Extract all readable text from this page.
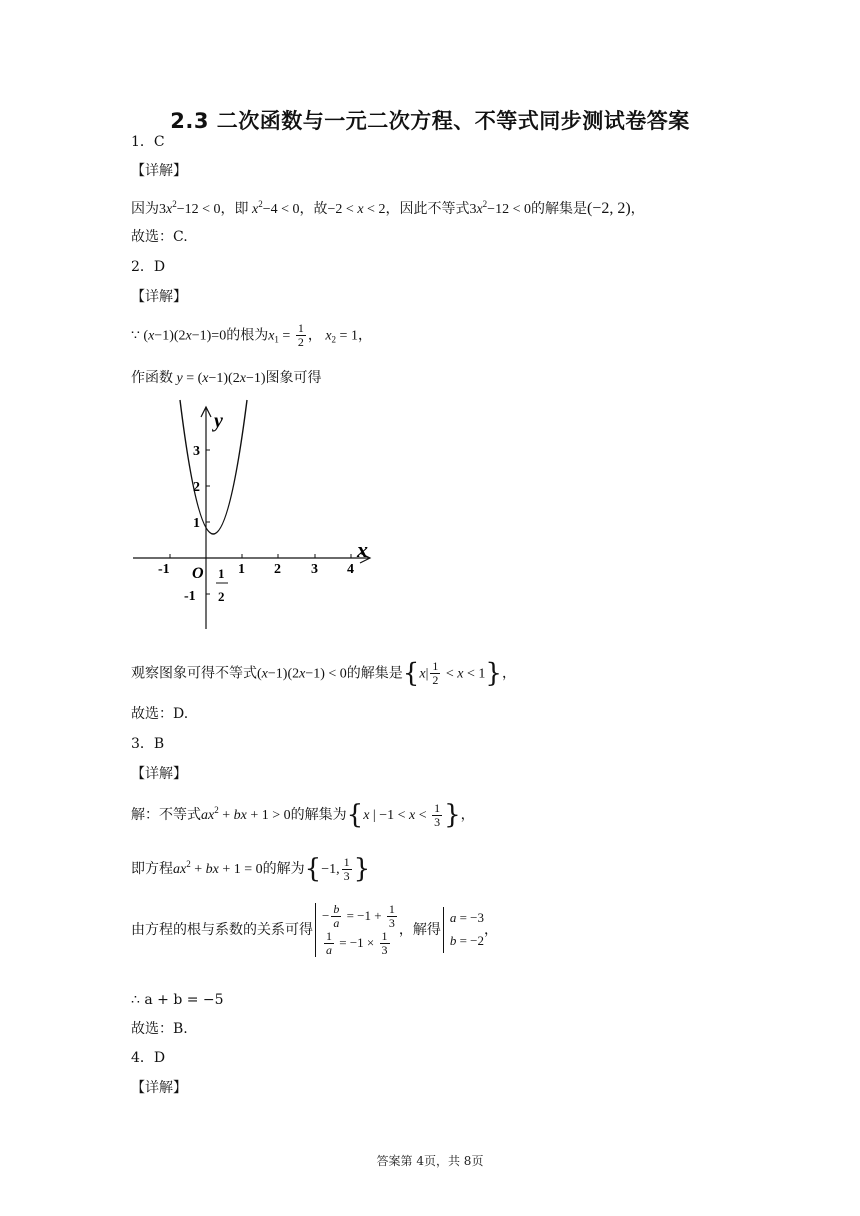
2.3 二次函数与一元二次方程、不等式同步测试卷答案
1．C
【详解】
因为$3x^2-12 < 0$，即 $x^2-4 < 0$，故−2 < x < 2，因此不等式$3x^2-12 < 0$的解集是(−2, 2)，
故选：C.
2．D
【详解】
∵ (x−1)(2x−1)=0的根为$x_1 = \frac{1}{2}$ ， $x_2 = 1$，
作函数 y = (x−1)(2x−1)图象可得
y
x
O
-1	1 2 3 4
3
2
1
-1
1
2
观察图象可得不等式(x−1)(2x−1) < 0的解集是$\{x| \frac{1}{2} < x < 1\}$，
故选：D.
3．B
【详解】
解：不等式$ax^2$ + bx + 1 > 0的解集为{x | $-1 < x < \frac{1}{3}$ }，
即方程$ax^2$ + bx + 1 = 0的解为{−1, $\frac{1}{3}$ }
由方程的根与系数的关系可得
− $\frac{b}{a} = -1 + \frac{1}{3}$
$\frac{1}{a} = -1 \times \frac{1}{3}$ ，解得
a = −3
b = −2
，
∴ a + b = −5
故选：B.
4．D
【详解】
答案第 4页，共 8页
